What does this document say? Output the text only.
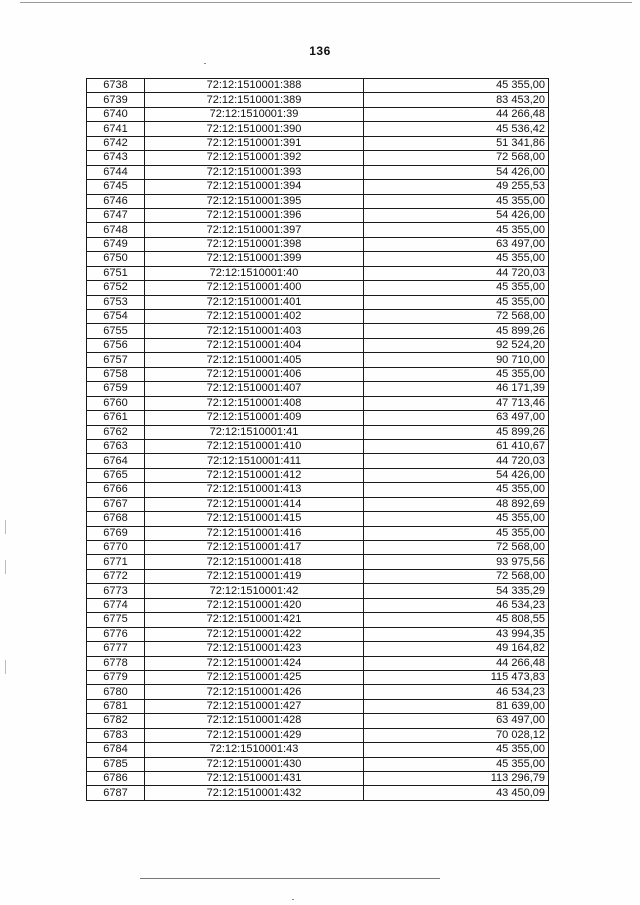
136
6738	72:12:1510001:388	45 355,00
6739	72:12:1510001:389	83 453,20
6740	72:12:1510001:39	44 266,48
6741	72:12:1510001:390	45 536,42
6742	72:12:1510001:391	51 341,86
6743	72:12:1510001:392	72 568,00
6744	72:12:1510001:393	54 426,00
6745	72:12:1510001:394	49 255,53
6746	72:12:1510001:395	45 355,00
6747	72:12:1510001:396	54 426,00
6748	72:12:1510001:397	45 355,00
6749	72:12:1510001:398	63 497,00
6750	72:12:1510001:399	45 355,00
6751	72:12:1510001:40	44 720,03
6752	72:12:1510001:400	45 355,00
6753	72:12:1510001:401	45 355,00
6754	72:12:1510001:402	72 568,00
6755	72:12:1510001:403	45 899,26
6756	72:12:1510001:404	92 524,20
6757	72:12:1510001:405	90 710,00
6758	72:12:1510001:406	45 355,00
6759	72:12:1510001:407	46 171,39
6760	72:12:1510001:408	47 713,46
6761	72:12:1510001:409	63 497,00
6762	72:12:1510001:41	45 899,26
6763	72:12:1510001:410	61 410,67
6764	72:12:1510001:411	44 720,03
6765	72:12:1510001:412	54 426,00
6766	72:12:1510001:413	45 355,00
6767	72:12:1510001:414	48 892,69
6768	72:12:1510001:415	45 355,00
6769	72:12:1510001:416	45 355,00
6770	72:12:1510001:417	72 568,00
6771	72:12:1510001:418	93 975,56
6772	72:12:1510001:419	72 568,00
6773	72:12:1510001:42	54 335,29
6774	72:12:1510001:420	46 534,23
6775	72:12:1510001:421	45 808,55
6776	72:12:1510001:422	43 994,35
6777	72:12:1510001:423	49 164,82
6778	72:12:1510001:424	44 266,48
6779	72:12:1510001:425	115 473,83
6780	72:12:1510001:426	46 534,23
6781	72:12:1510001:427	81 639,00
6782	72:12:1510001:428	63 497,00
6783	72:12:1510001:429	70 028,12
6784	72:12:1510001:43	45 355,00
6785	72:12:1510001:430	45 355,00
6786	72:12:1510001:431	113 296,79
6787	72:12:1510001:432	43 450,09
